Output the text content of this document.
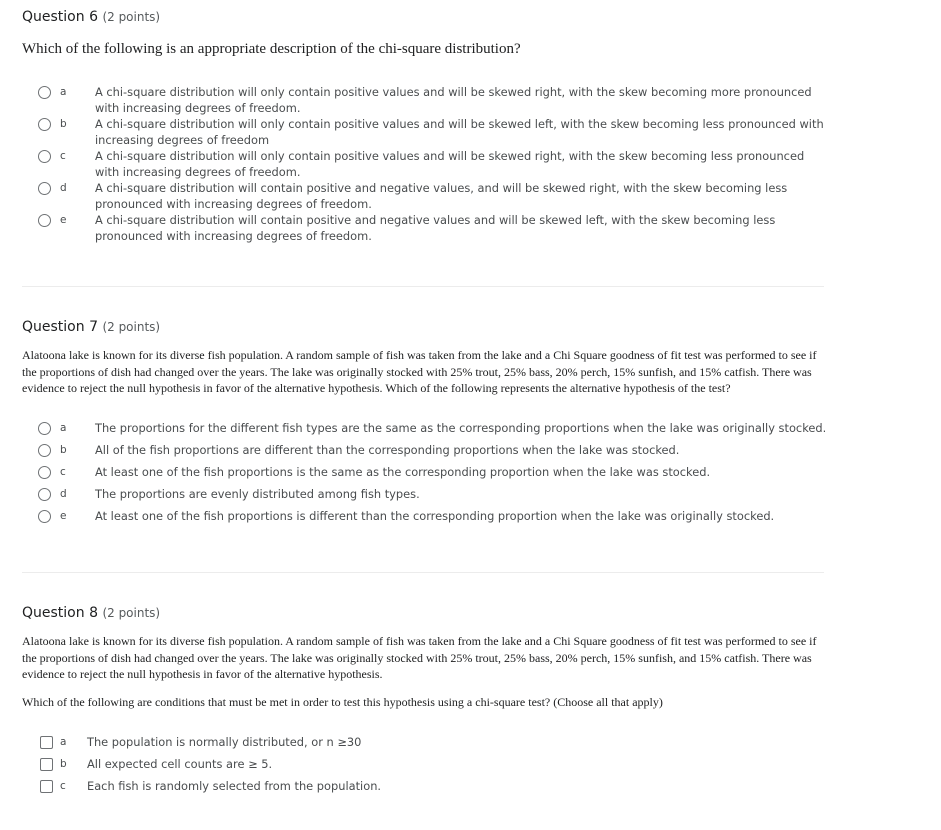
Question 6 (2 points)
Which of the following is an appropriate description of the chi-square distribution?
a	A chi-square distribution will only contain positive values and will be skewed right, with the skew becoming more pronounced with increasing degrees of freedom.
b A chi-square distribution will only contain positive values and will be skewed left, with the skew becoming less pronounced with increasing degrees of freedom
c	A chi-square distribution will only contain positive values and will be skewed right, with the skew becoming less pronounced with increasing degrees of freedom.
d A chi-square distribution will contain positive and negative values, and will be skewed right, with the skew becoming less pronounced with increasing degrees of freedom.
e	A chi-square distribution will contain positive and negative values and will be skewed left, with the skew becoming less pronounced with increasing degrees of freedom.
Question 7 (2 points)
Alatoona lake is known for its diverse fish population. A random sample of fish was taken from the lake and a Chi Square goodness of fit test was performed to see if the proportions of dish had changed over the years. The lake was originally stocked with 25% trout, 25% bass, 20% perch, 15% sunfish, and 15% catfish. There was evidence to reject the null hypothesis in favor of the alternative hypothesis. Which of the following represents the alternative hypothesis of the test?
a	The proportions for the different fish types are the same as the corresponding proportions when the lake was originally stocked.
b All of the fish proportions are different than the corresponding proportions when the lake was stocked.
c	At least one of the fish proportions is the same as the corresponding proportion when the lake was stocked.
d The proportions are evenly distributed among fish types.
e	At least one of the fish proportions is different than the corresponding proportion when the lake was originally stocked.
Question 8 (2 points)
Alatoona lake is known for its diverse fish population. A random sample of fish was taken from the lake and a Chi Square goodness of fit test was performed to see if the proportions of dish had changed over the years. The lake was originally stocked with 25% trout, 25% bass, 20% perch, 15% sunfish, and 15% catfish. There was evidence to reject the null hypothesis in favor of the alternative hypothesis.
Which of the following are conditions that must be met in order to test this hypothesis using a chi-square test? (Choose all that apply)
a The population is normally distributed, or n ≥30
b All expected cell counts are ≥ 5.
c Each fish is randomly selected from the population.
